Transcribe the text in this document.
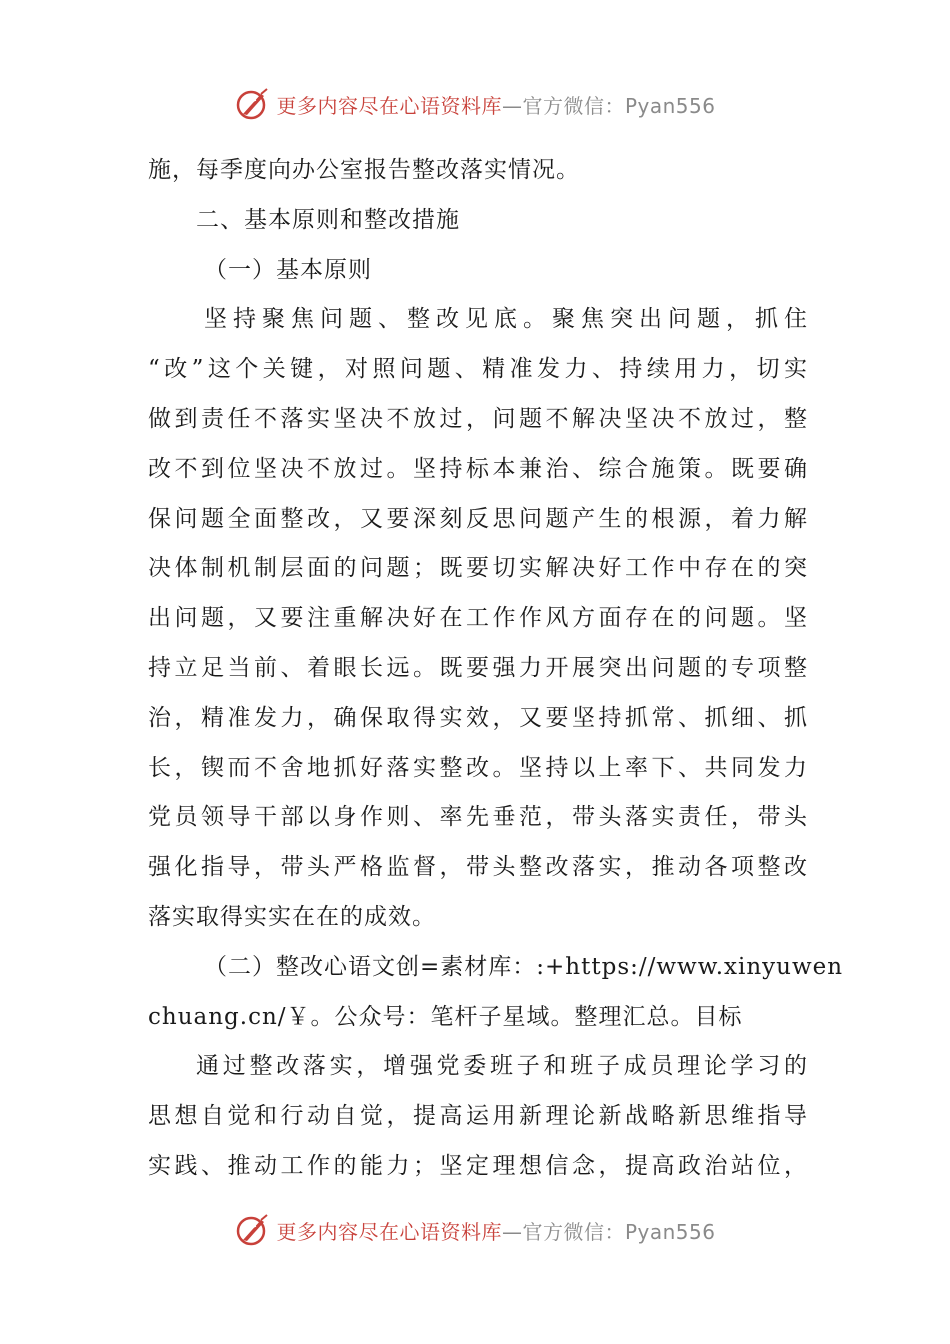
更多内容尽在心语资料库—官方微信：Pyan556
施，每季度向办公室报告整改落实情况。
二、基本原则和整改措施
（一）基本原则
坚持聚焦问题、整改见底。聚焦突出问题，抓住
“改”这个关键，对照问题、精准发力、持续用力，切实
做到责任不落实坚决不放过，问题不解决坚决不放过，整
改不到位坚决不放过。坚持标本兼治、综合施策。既要确
保问题全面整改，又要深刻反思问题产生的根源，着力解
决体制机制层面的问题；既要切实解决好工作中存在的突
出问题，又要注重解决好在工作作风方面存在的问题。坚
持立足当前、着眼长远。既要强力开展突出问题的专项整
治，精准发力，确保取得实效，又要坚持抓常、抓细、抓
长，锲而不舍地抓好落实整改。坚持以上率下、共同发力
党员领导干部以身作则、率先垂范，带头落实责任，带头
强化指导，带头严格监督，带头整改落实，推动各项整改
落实取得实实在在的成效。
（二）整改心语文创=素材库：:+https://www.xinyuwen
chuang.cn/￥。公众号：笔杆子星域。整理汇总。目标
通过整改落实，增强党委班子和班子成员理论学习的
思想自觉和行动自觉，提高运用新理论新战略新思维指导
实践、推动工作的能力；坚定理想信念，提高政治站位，
更多内容尽在心语资料库—官方微信：Pyan556
